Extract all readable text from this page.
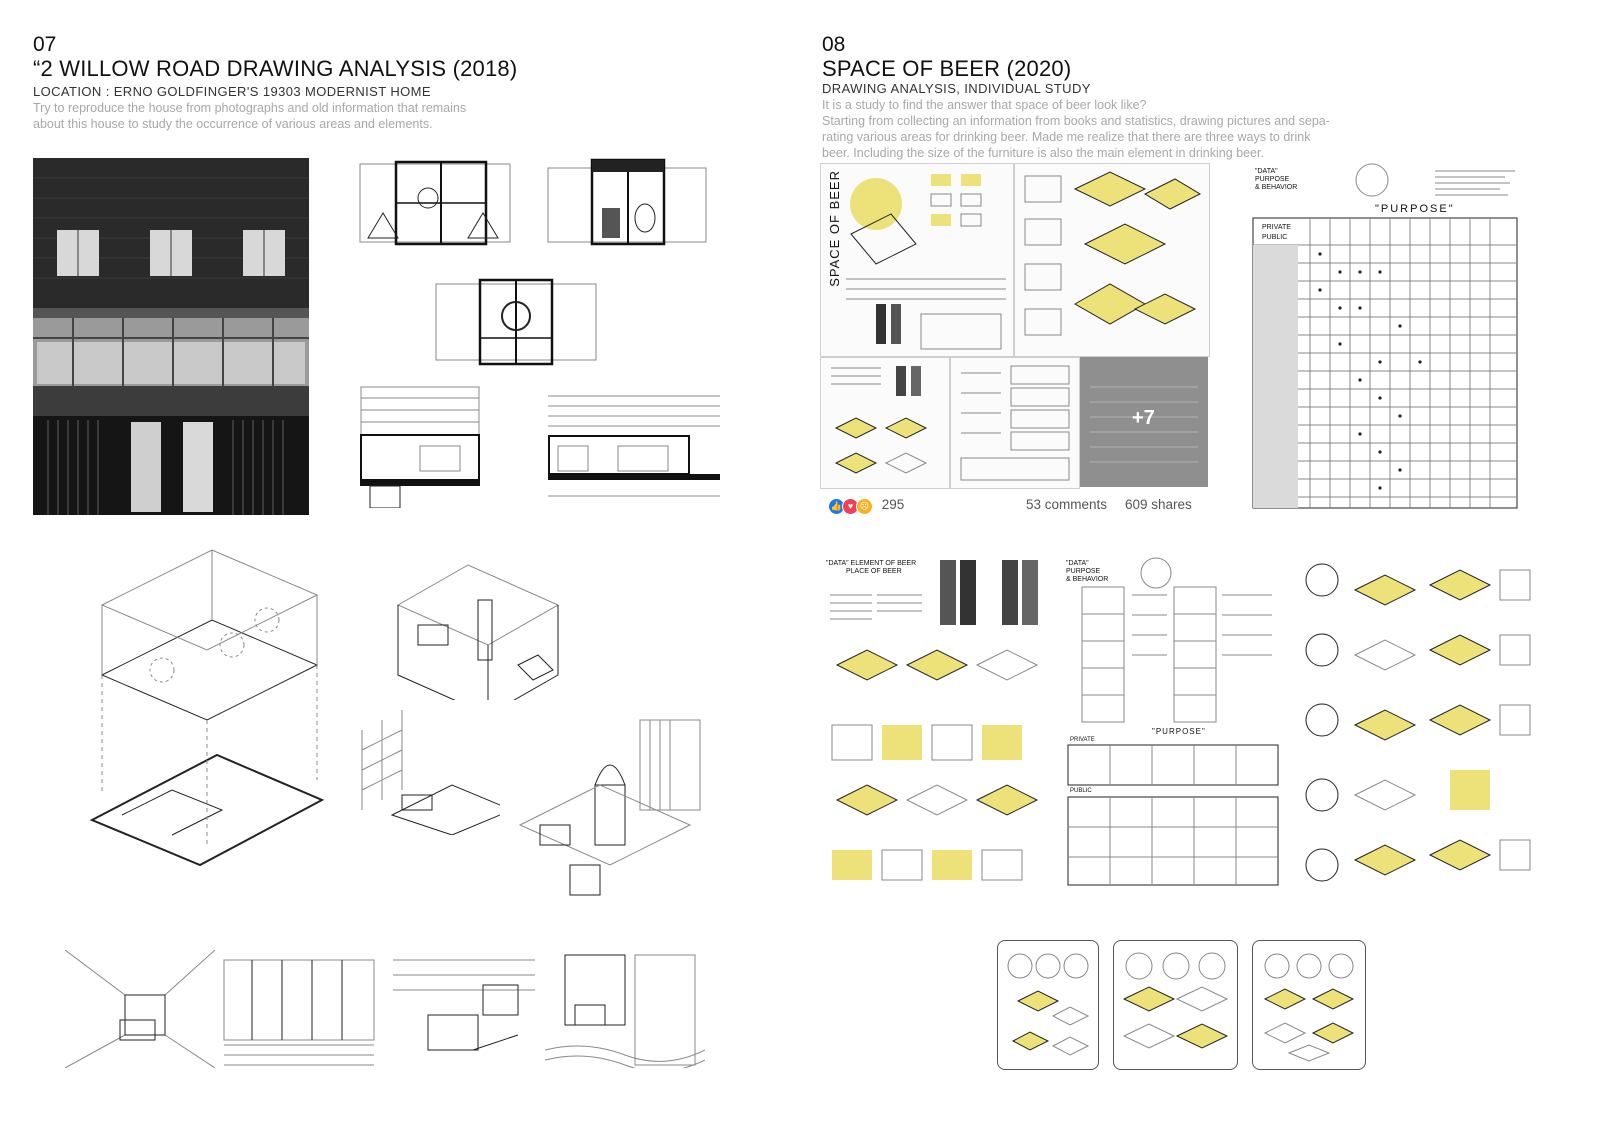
07
“2 WILLOW ROAD DRAWING ANALYSIS (2018)
LOCATION : ERNO GOLDFINGER'S 19303 MODERNIST HOME
Try to reproduce the house from photographs and old information that remains
about this house to study the occurrence of various areas and elements.
08
SPACE OF BEER (2020)
DRAWING ANALYSIS, INDIVIDUAL STUDY
It is a study to find the answer that space of beer look like?
Starting from collecting an information from books and statistics, drawing pictures and sepa-
rating various areas for drinking beer. Made me realize that there are three ways to drink
beer. Including the size of the furniture is also the main element in drinking beer.
SPACE OF BEER
+7
👍 ♥ ☹ 295	53 comments 609 shares
"DATA"
PURPOSE
& BEHAVIOR
"PURPOSE"
PRIVATE
PUBLIC
"DATA" ELEMENT OF BEER
PLACE OF BEER
"DATA"
PURPOSE
& BEHAVIOR
"PURPOSE"
PRIVATE
PUBLIC
